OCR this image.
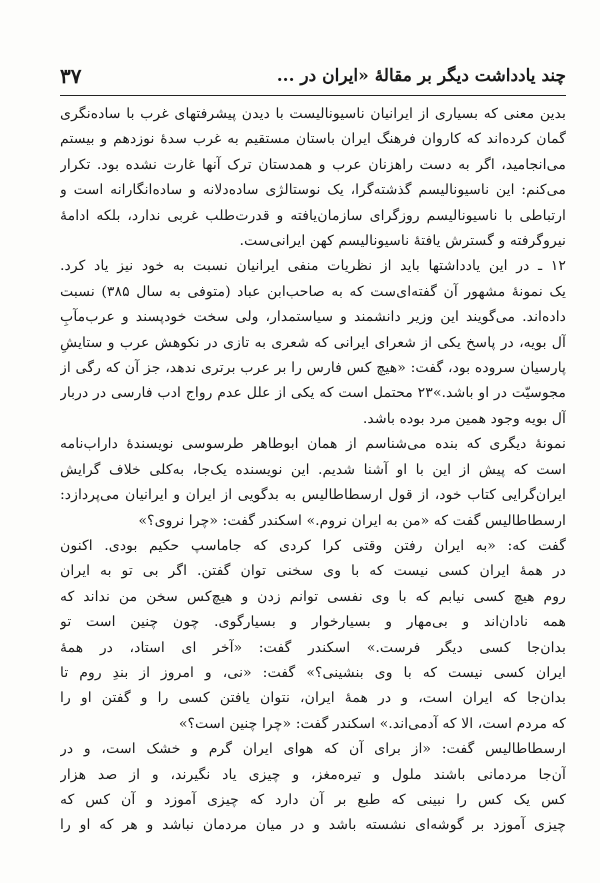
چند یادداشت دیگر بر مقالهٔ «ایران در ...
۳۷
بدین معنی که بسیاری از ایرانیان ناسیونالیست با دیدن پیشرفتهای غرب با ساده‌نگری
گمان کرده‌اند که کاروان فرهنگ ایران باستان مستقیم به غرب سدهٔ نوزدهم و بیستم
می‌انجامید، اگر به دست راهزنان عرب و همدستان ترک آنها غارت نشده بود. تکرار
می‌کنم: این ناسیونالیسم گذشته‌گرا، یک نوستالژی ساده‌دلانه و ساده‌انگارانه است و
ارتباطی با ناسیونالیسم روزگرای سازمان‌یافته و قدرت‌طلب غربی ندارد، بلکه ادامهٔ
نیروگرفته و گسترش یافتهٔ ناسیونالیسم کهن ایرانی‌ست.
۱۲ ـ در این یادداشتها باید از نظریات منفی ایرانیان نسبت به خود نیز یاد کرد.
یک نمونهٔ مشهور آن گفته‌ای‌ست که به صاحب‌ابن عباد (متوفی به سال ۳۸۵) نسبت
داده‌اند. می‌گویند این وزیر دانشمند و سیاستمدار، ولی سخت خودپسند و عرب‌مآبِ
آل بویه، در پاسخ یکی از شعرای ایرانی که شعری به تازی در نکوهش عرب و ستایشِ
پارسیان سروده بود، گفت: «هیچ کس فارس را بر عرب برتری ندهد، جز آن که رگی از
مجوسیّت در او باشد.»۲۳ محتمل است که یکی از علل عدم رواج ادب فارسی در دربار
آل بویه وجود همین مرد بوده باشد.
نمونهٔ دیگری که بنده می‌شناسم از همان ابوطاهر طرسوسی نویسندهٔ داراب‌نامه
است که پیش از این با او آشنا شدیم. این نویسنده یک‌جا، به‌کلی خلاف گرایش
ایران‌گرایی کتاب خود، از قول ارسطاطالیس به بدگویی از ایران و ایرانیان می‌پردازد:
ارسطاطالیس گفت که «من به ایران نروم.» اسکندر گفت: «چرا نروی؟»
گفت که: «به ایران رفتن وقتی کرا کردی که جاماسپ حکیم بودی. اکنون
در همهٔ ایران کسی نیست که با وی سخنی توان گفتن. اگر بی تو به ایران
روم هیچ کسی نیابم که با وی نفسی توانم زدن و هیچ‌کس سخن من نداند که
همه نادان‌اند و بی‌مهار و بسیارخوار و بسیارگوی. چون چنین است تو
بدان‌جا کسی دیگر فرست.» اسکندر گفت: «آخر ای استاد، در همهٔ
ایران کسی نیست که با وی بنشینی؟» گفت: «نی، و امروز از بندِ روم تا
بدان‌جا که ایران است، و در همهٔ ایران، نتوان یافتن کسی را و گفتن او را
که مردم است، الا که آدمی‌اند.» اسکندر گفت: «چرا چنین است؟»
ارسطاطالیس گفت: «از برای آن که هوای ایران گرم و خشک است، و در
آن‌جا مردمانی باشند ملول و تیره‌مغز، و چیزی یاد نگیرند، و از صد هزار
کس یک کس را نبینی که طبع بر آن دارد که چیزی آموزد و آن کس که
چیزی آموزد بر گوشه‌ای نشسته باشد و در میان مردمان نباشد و هر که او را
